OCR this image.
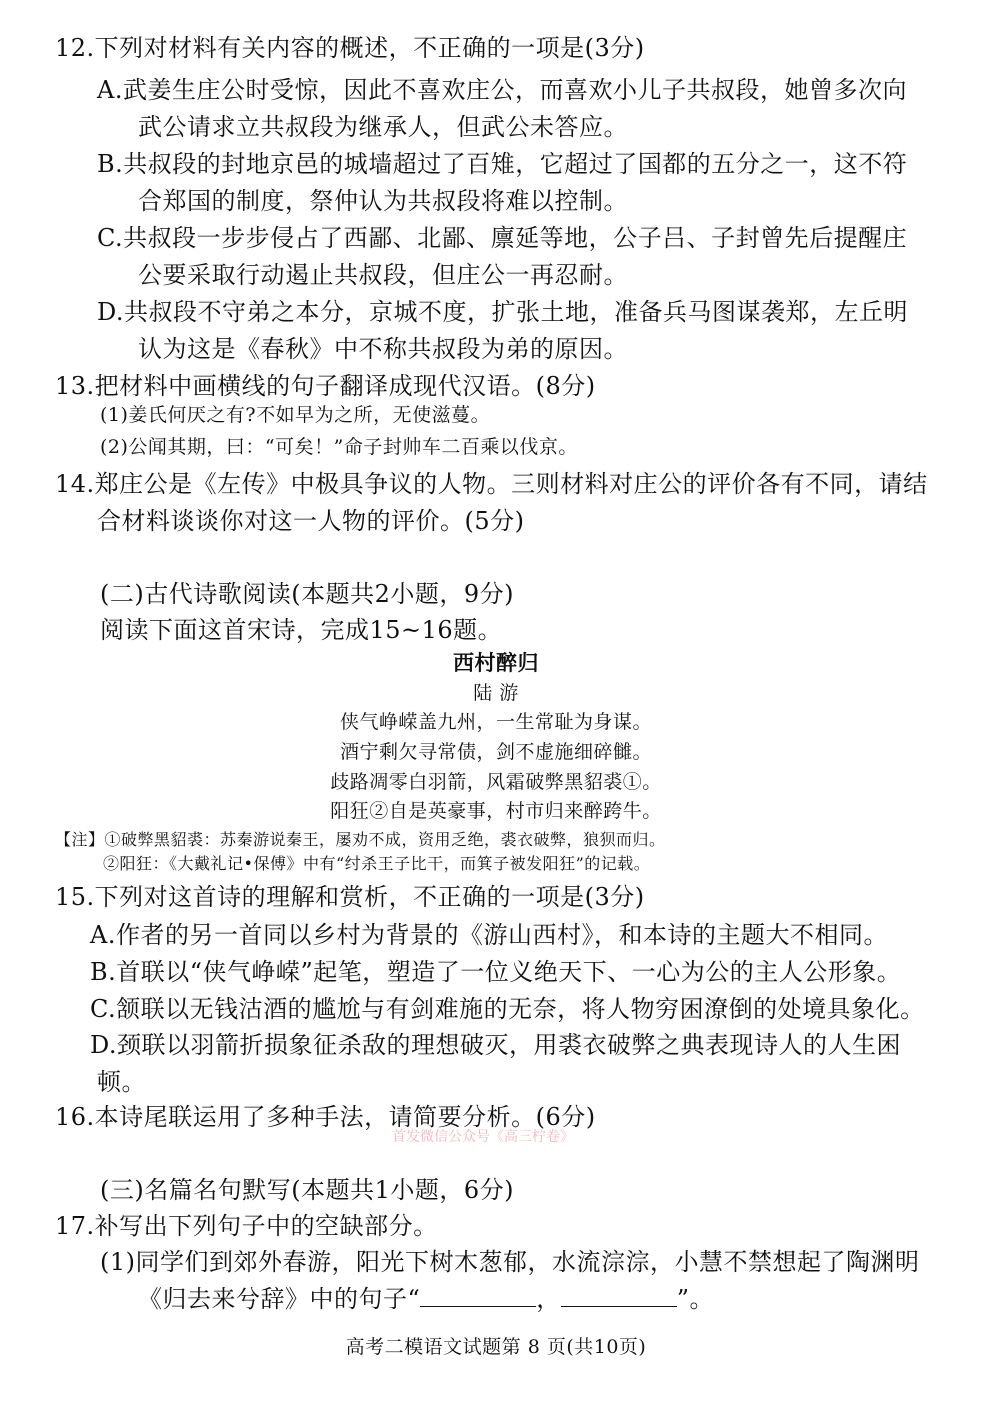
12.下列对材料有关内容的概述，不正确的一项是(3分)
A.武姜生庄公时受惊，因此不喜欢庄公，而喜欢小儿子共叔段，她曾多次向
武公请求立共叔段为继承人，但武公未答应。
B.共叔段的封地京邑的城墙超过了百雉，它超过了国都的五分之一，这不符
合郑国的制度，祭仲认为共叔段将难以控制。
C.共叔段一步步侵占了西鄙、北鄙、廪延等地，公子吕、子封曾先后提醒庄
公要采取行动遏止共叔段，但庄公一再忍耐。
D.共叔段不守弟之本分，京城不度，扩张土地，准备兵马图谋袭郑，左丘明
认为这是《春秋》中不称共叔段为弟的原因。
13.把材料中画横线的句子翻译成现代汉语。(8分)
(1)姜氏何厌之有?不如早为之所，无使滋蔓。
(2)公闻其期，曰：“可矣！”命子封帅车二百乘以伐京。
14.郑庄公是《左传》中极具争议的人物。三则材料对庄公的评价各有不同，请结
合材料谈谈你对这一人物的评价。(5分)
(二)古代诗歌阅读(本题共2小题，9分)
阅读下面这首宋诗，完成15~16题。
西村醉归
陆 游
侠气峥嵘盖九州，一生常耻为身谋。
酒宁剩欠寻常债，剑不虚施细碎雠。
歧路凋零白羽箭，风霜破弊黑貂裘①。
阳狂②自是英豪事，村市归来醉跨牛。
【注】①破弊黑貂裘：苏秦游说秦王，屡劝不成，资用乏绝，裘衣破弊，狼狈而归。
②阳狂：《大戴礼记•保傅》中有“纣杀王子比干，而箕子被发阳狂”的记载。
15.下列对这首诗的理解和赏析，不正确的一项是(3分)
A.作者的另一首同以乡村为背景的《游山西村》，和本诗的主题大不相同。
B.首联以“侠气峥嵘”起笔，塑造了一位义绝天下、一心为公的主人公形象。
C.颔联以无钱沽酒的尴尬与有剑难施的无奈，将人物穷困潦倒的处境具象化。
D.颈联以羽箭折损象征杀敌的理想破灭，用裘衣破弊之典表现诗人的人生困
顿。
16.本诗尾联运用了多种手法，请简要分析。(6分)
首发微信公众号《高三柠卷》
(三)名篇名句默写(本题共1小题，6分)
17.补写出下列句子中的空缺部分。
(1)同学们到郊外春游，阳光下树木葱郁，水流淙淙，小慧不禁想起了陶渊明
《归去来兮辞》中的句子“	，	”。
高考二模语文试题第 8 页(共10页)
